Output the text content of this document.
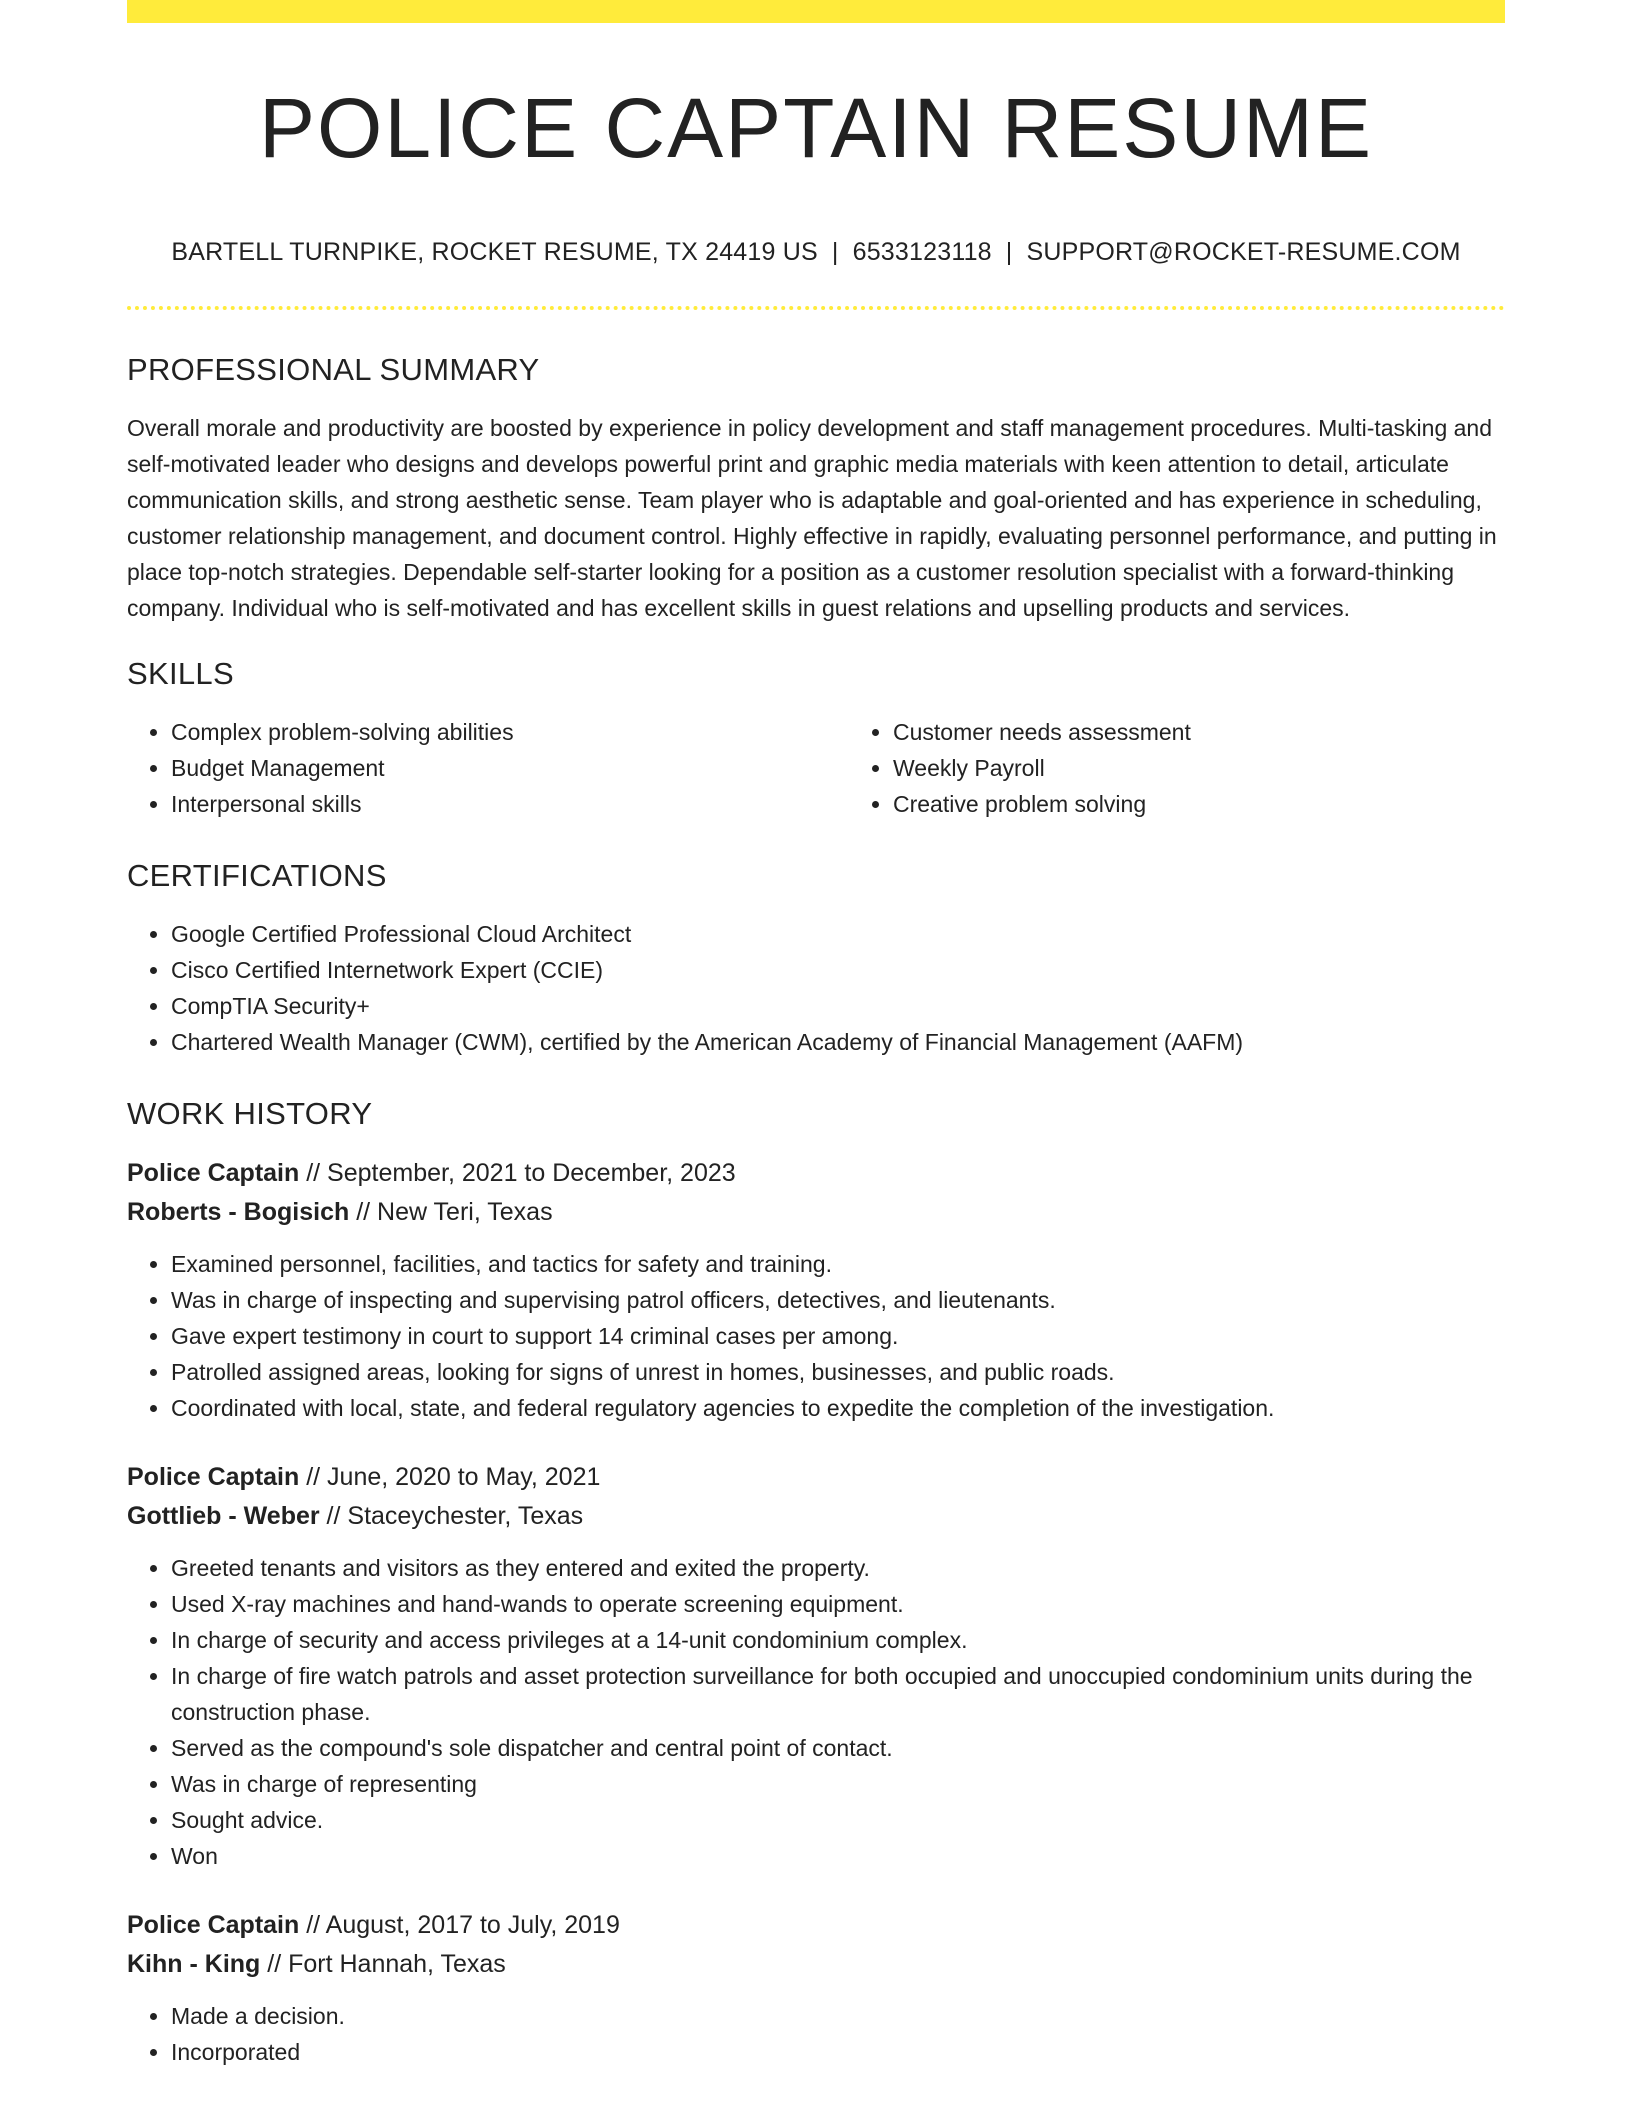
POLICE CAPTAIN RESUME
BARTELL TURNPIKE, ROCKET RESUME, TX 24419 US | 6533123118 | SUPPORT@ROCKET-RESUME.COM
PROFESSIONAL SUMMARY

Overall morale and productivity are boosted by experience in policy development and staff management procedures. Multi-tasking and self-motivated leader who designs and develops powerful print and graphic media materials with keen attention to detail, articulate communication skills, and strong aesthetic sense. Team player who is adaptable and goal-oriented and has experience in scheduling, customer relationship management, and document control. Highly effective in rapidly, evaluating personnel performance, and putting in place top-notch strategies. Dependable self-starter looking for a position as a customer resolution specialist with a forward-thinking company. Individual who is self-motivated and has excellent skills in guest relations and upselling products and services.

SKILLS
• Complex problem-solving abilities
• Budget Management
• Interpersonal skills
• Customer needs assessment
• Weekly Payroll
• Creative problem solving
CERTIFICATIONS
• Google Certified Professional Cloud Architect
• Cisco Certified Internetwork Expert (CCIE)
• CompTIA Security+
• Chartered Wealth Manager (CWM), certified by the American Academy of Financial Management (AAFM)
WORK HISTORY
Police Captain // September, 2021 to December, 2023
Roberts - Bogisich // New Teri, Texas
• Examined personnel, facilities, and tactics for safety and training.
• Was in charge of inspecting and supervising patrol officers, detectives, and lieutenants.
• Gave expert testimony in court to support 14 criminal cases per among.
• Patrolled assigned areas, looking for signs of unrest in homes, businesses, and public roads.
• Coordinated with local, state, and federal regulatory agencies to expedite the completion of the investigation.
Police Captain // June, 2020 to May, 2021
Gottlieb - Weber // Staceychester, Texas
• Greeted tenants and visitors as they entered and exited the property.
• Used X-ray machines and hand-wands to operate screening equipment.
• In charge of security and access privileges at a 14-unit condominium complex.
• In charge of fire watch patrols and asset protection surveillance for both occupied and unoccupied condominium units during the construction phase.
• Served as the compound's sole dispatcher and central point of contact.
• Was in charge of representing
• Sought advice.
• Won
Police Captain // August, 2017 to July, 2019
Kihn - King // Fort Hannah, Texas
• Made a decision.
• Incorporated
